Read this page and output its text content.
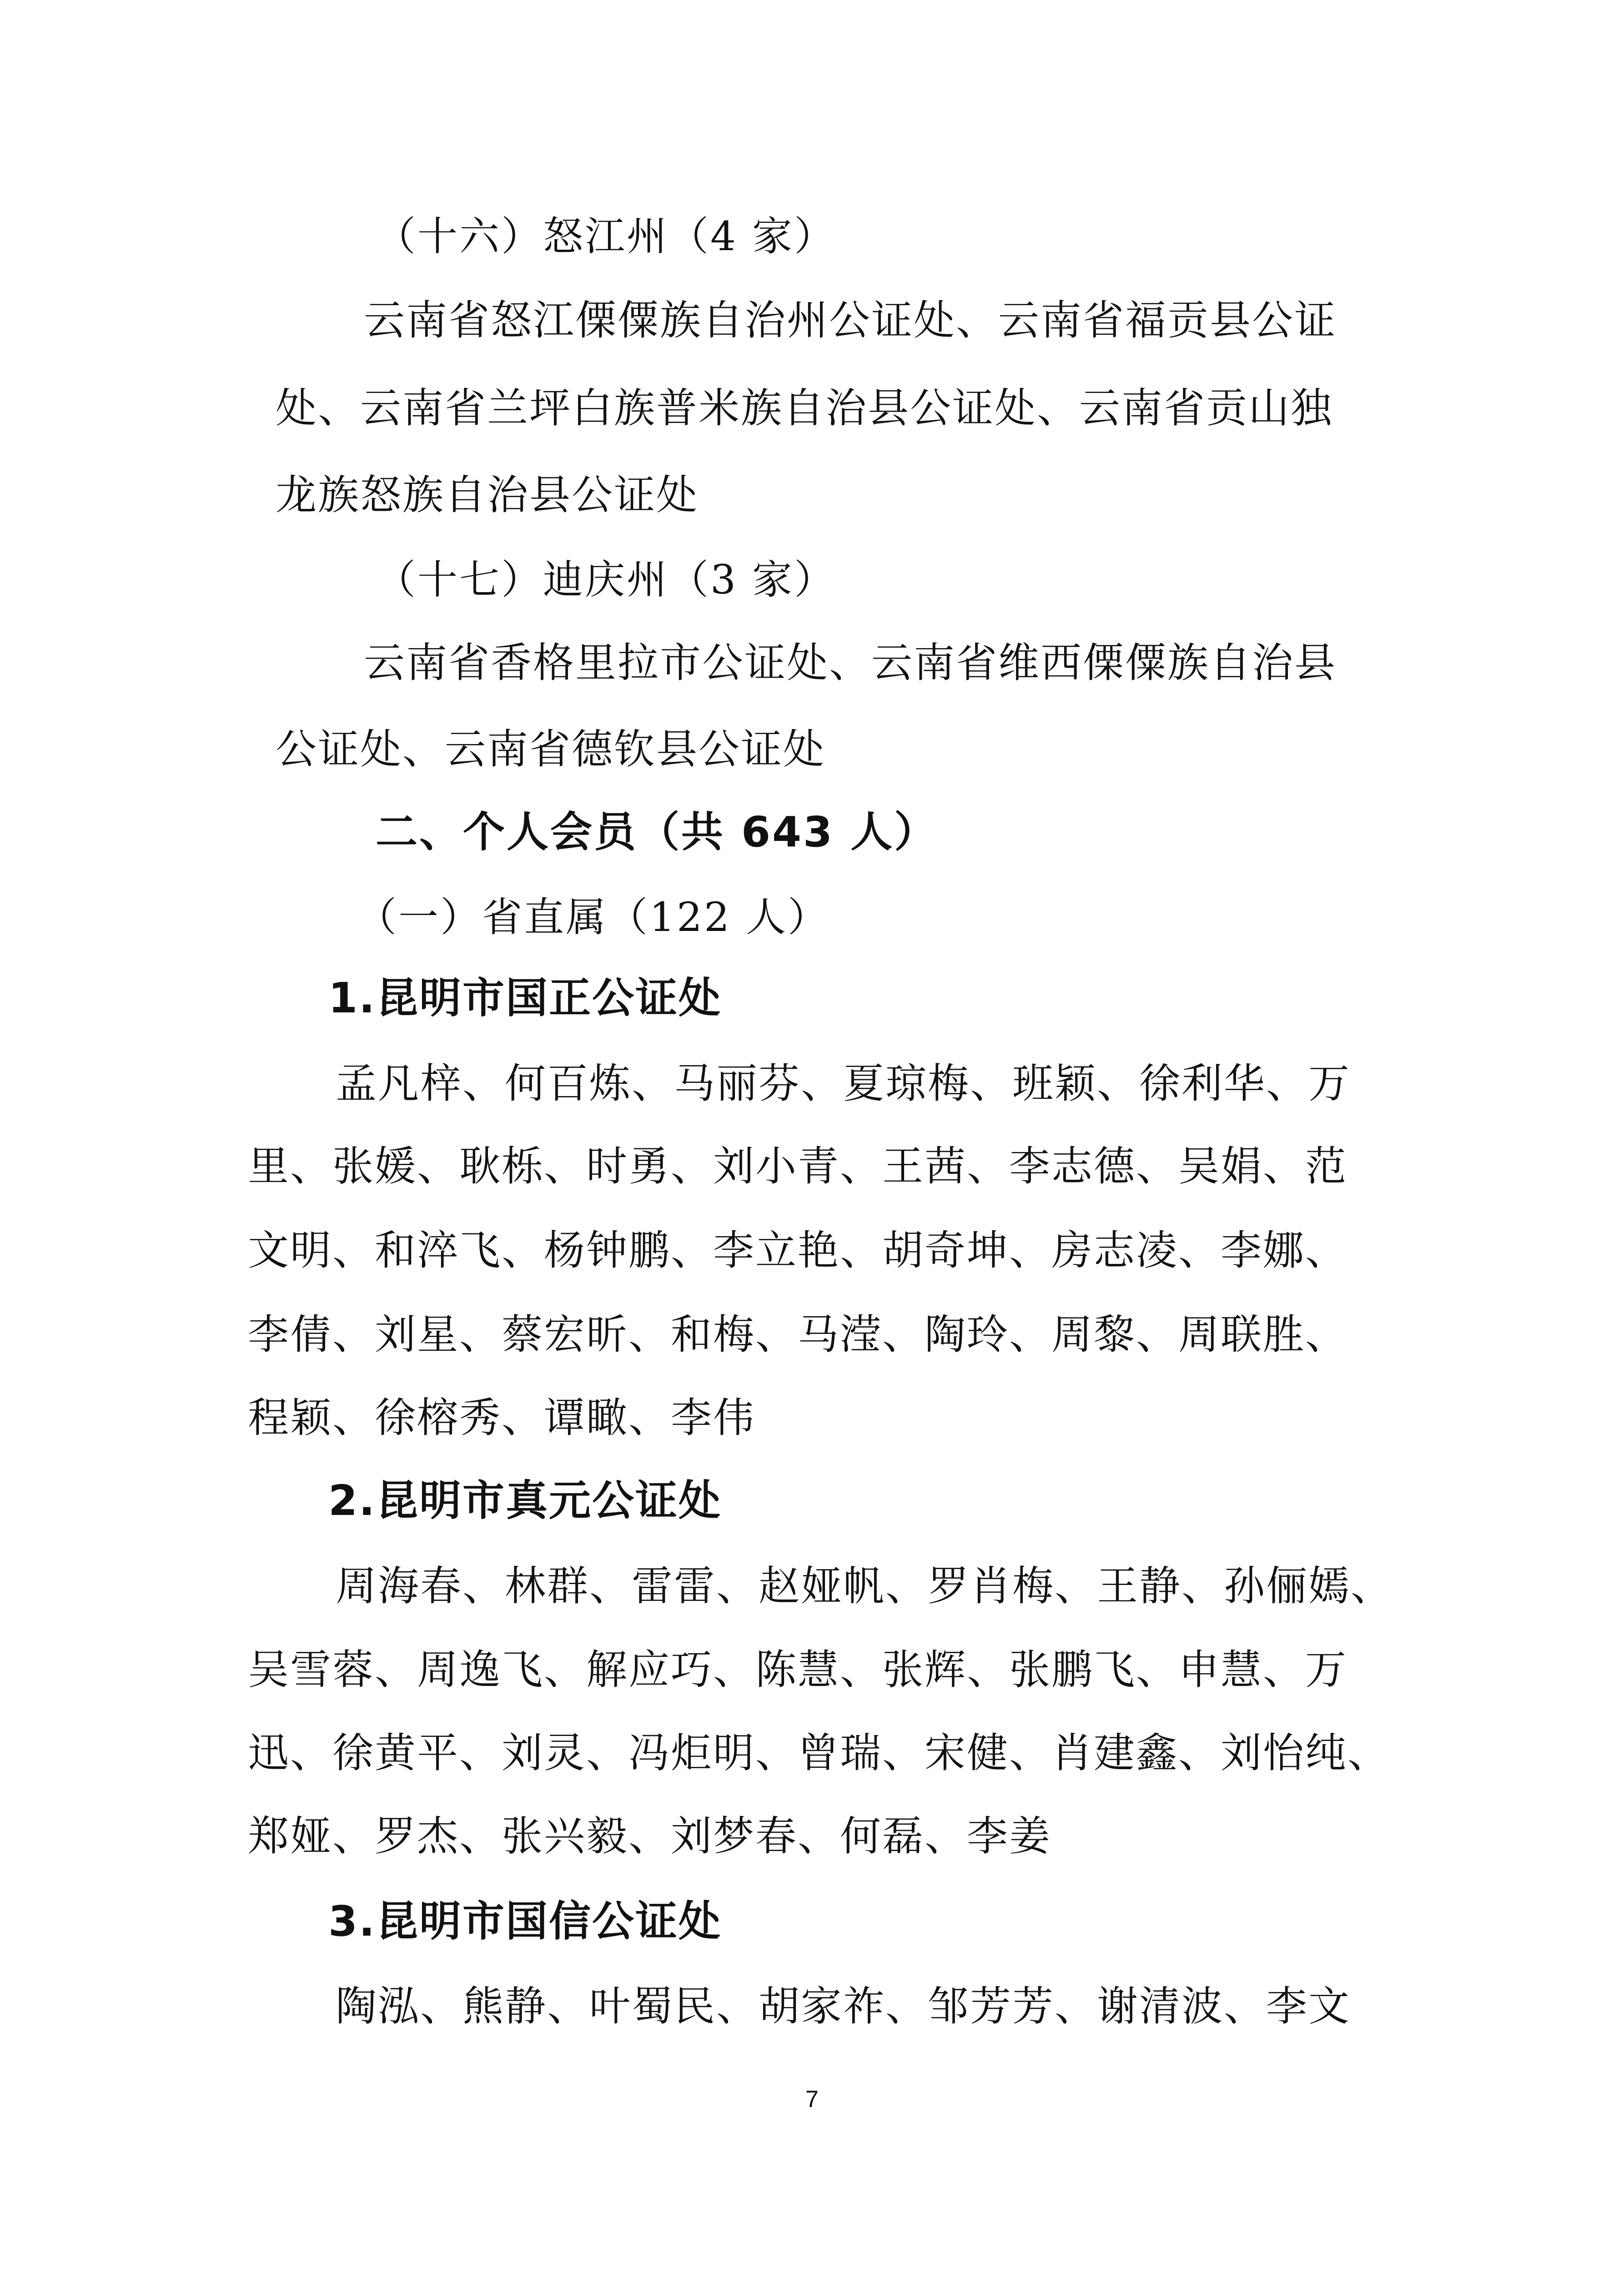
（十六）怒江州（4 家）
云南省怒江傈僳族自治州公证处、云南省福贡县公证
处、云南省兰坪白族普米族自治县公证处、云南省贡山独
龙族怒族自治县公证处
（十七）迪庆州（3 家）
云南省香格里拉市公证处、云南省维西傈僳族自治县
公证处、云南省德钦县公证处
二、个人会员（共 643 人）
（一）省直属（122 人）
1.昆明市国正公证处
孟凡梓、何百炼、马丽芬、夏琼梅、班颖、徐利华、万
里、张媛、耿栎、时勇、刘小青、王茜、李志德、吴娟、范
文明、和淬飞、杨钟鹏、李立艳、胡奇坤、房志凌、李娜、
李倩、刘星、蔡宏昕、和梅、马滢、陶玲、周黎、周联胜、
程颖、徐榕秀、谭瞰、李伟
2.昆明市真元公证处
周海春、林群、雷雷、赵娅帆、罗肖梅、王静、孙俪嫣、
吴雪蓉、周逸飞、解应巧、陈慧、张辉、张鹏飞、申慧、万
迅、徐黄平、刘灵、冯炬明、曾瑞、宋健、肖建鑫、刘怡纯、
郑娅、罗杰、张兴毅、刘梦春、何磊、李姜
3.昆明市国信公证处
陶泓、熊静、叶蜀民、胡家祚、邹芳芳、谢清波、李文
7
